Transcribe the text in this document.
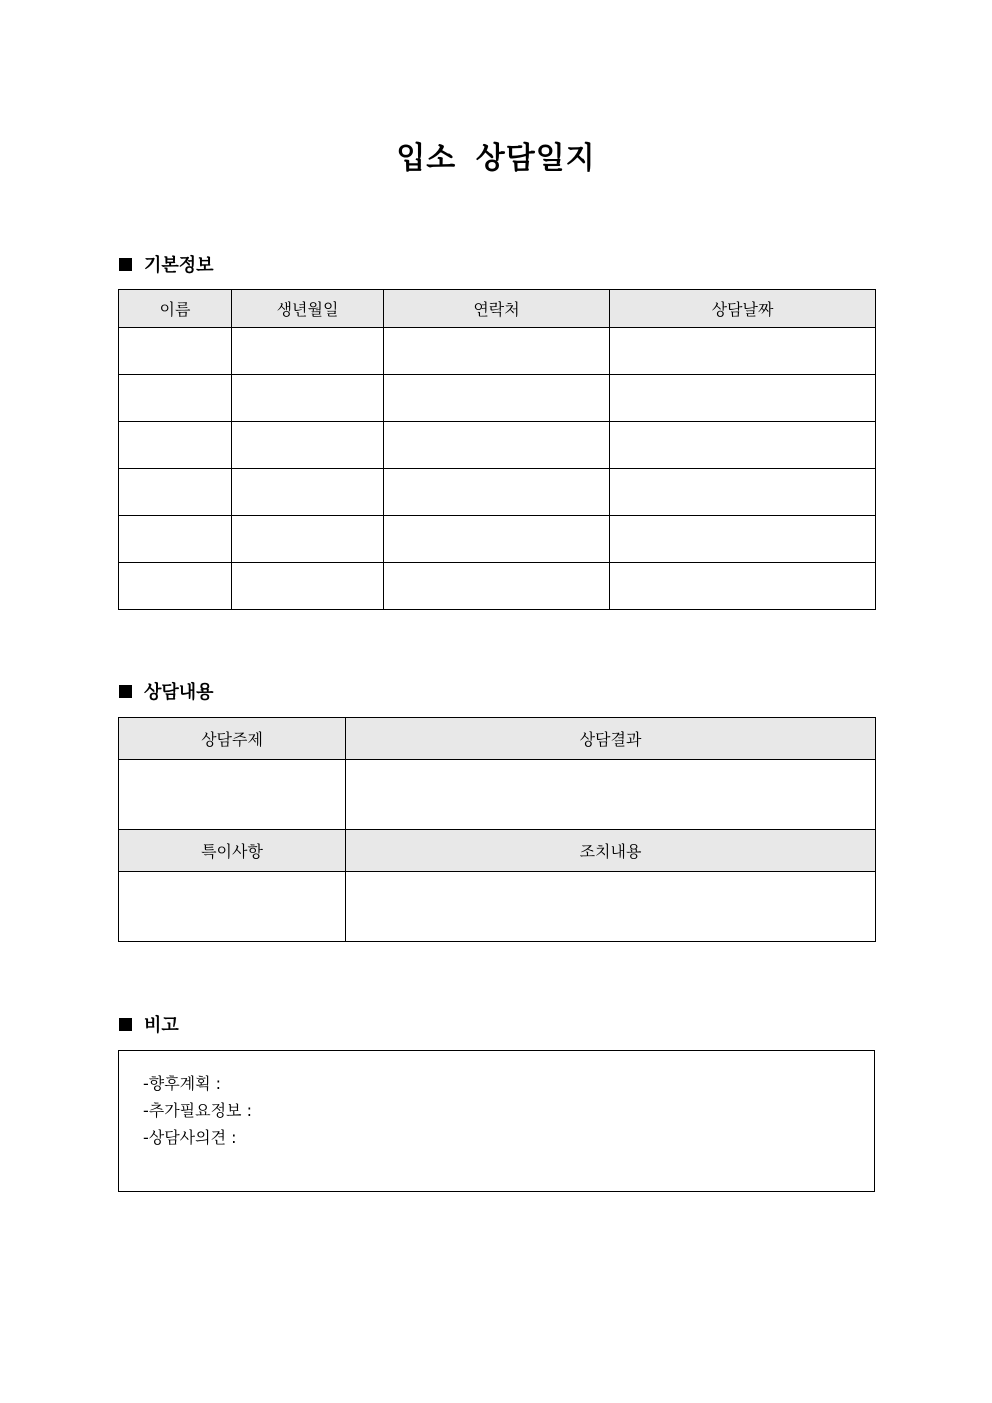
입소 상담일지
기본정보
이름	생년월일	연락처	상담날짜

상담내용
상담주제	상담결과

특이사항	조치내용

비고
-향후계획 :
-추가필요정보 :
-상담사의견 :
